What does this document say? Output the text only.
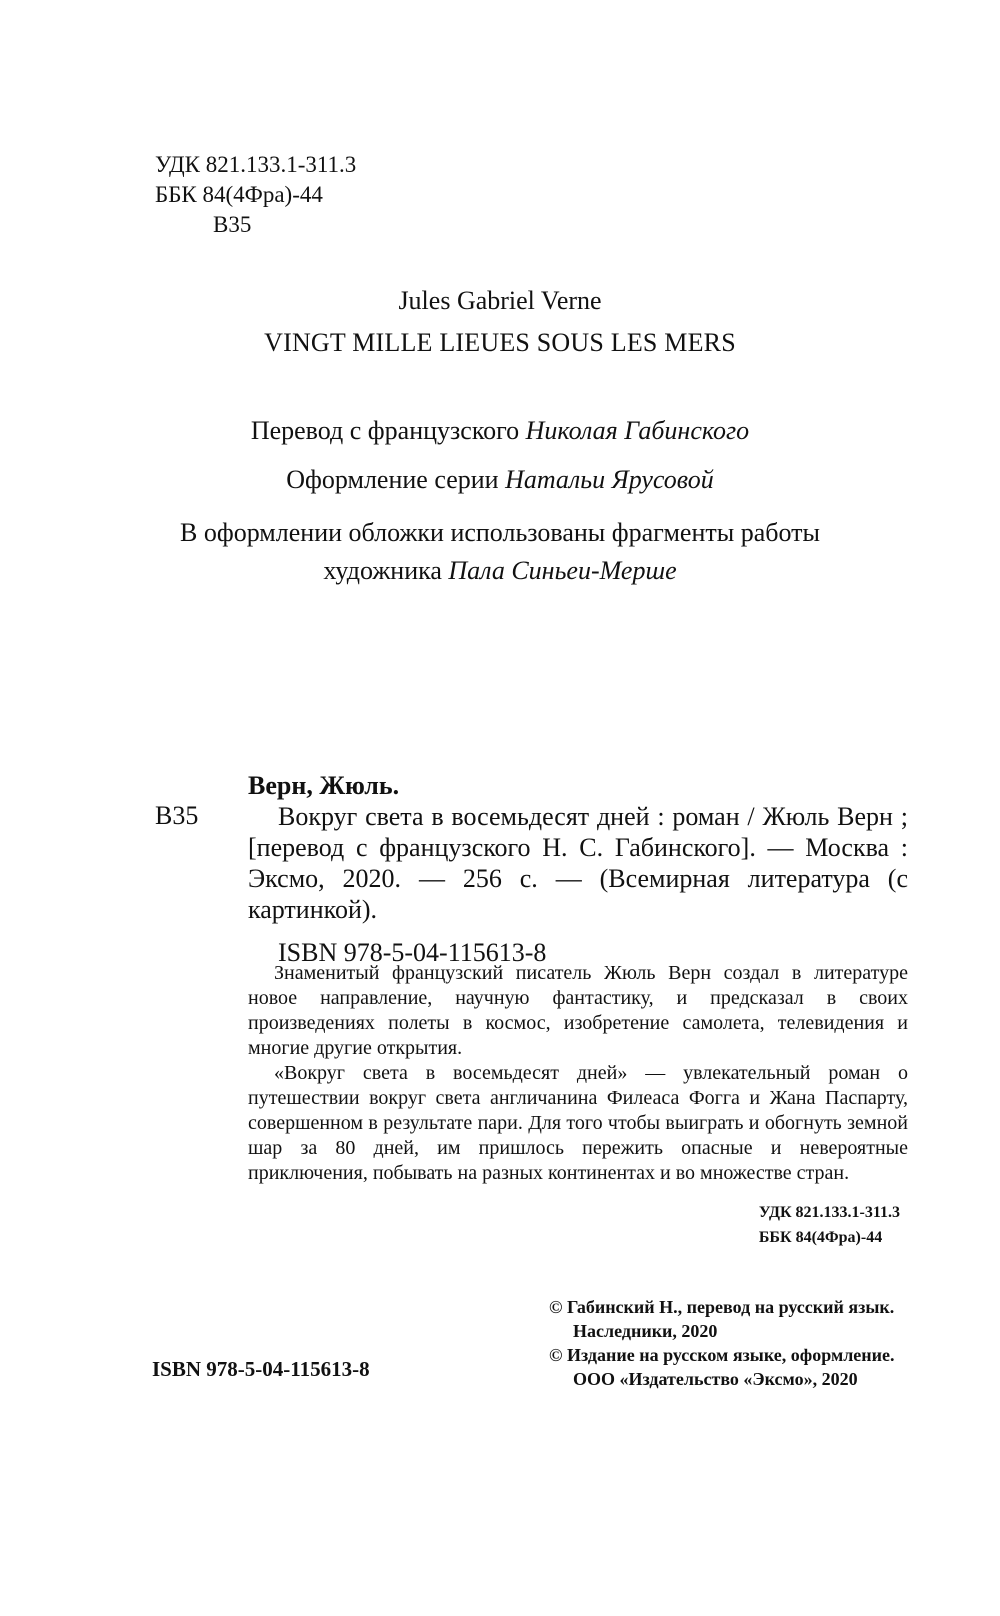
УДК 821.133.1-311.3
ББК 84(4Фра)-44
В35
Jules Gabriel Verne
VINGT MILLE LIEUES SOUS LES MERS
Перевод с французского Николая Габинского
Оформление серии Натальи Ярусовой
В оформлении обложки использованы фрагменты работы
художника Пала Синьеи-Мерше
В35
Верн, Жюль.
Вокруг света в восемьдесят дней : роман / Жюль Верн ; [перевод с французского Н. С. Габинского]. — Москва : Эксмо, 2020. — 256 с. — (Всемирная литература (с картинкой).
ISBN 978-5-04-115613-8

Знаменитый французский писатель Жюль Верн создал в литературе новое направление, научную фантастику, и предсказал в своих произведениях полеты в космос, изобретение самолета, телевидения и многие другие открытия.

«Вокруг света в восемьдесят дней» — увлекательный роман о путешествии вокруг света англичанина Филеаса Фогга и Жана Паспарту, совершенном в результате пари. Для того чтобы выиграть и обогнуть земной шар за 80 дней, им пришлось пережить опасные и невероятные приключения, побывать на разных континентах и во множестве стран.

УДК 821.133.1-311.3
ББК 84(4Фра)-44
ISBN 978-5-04-115613-8
© Габинский Н., перевод на русский язык.
Наследники, 2020
© Издание на русском языке, оформление.
ООО «Издательство «Эксмо», 2020
